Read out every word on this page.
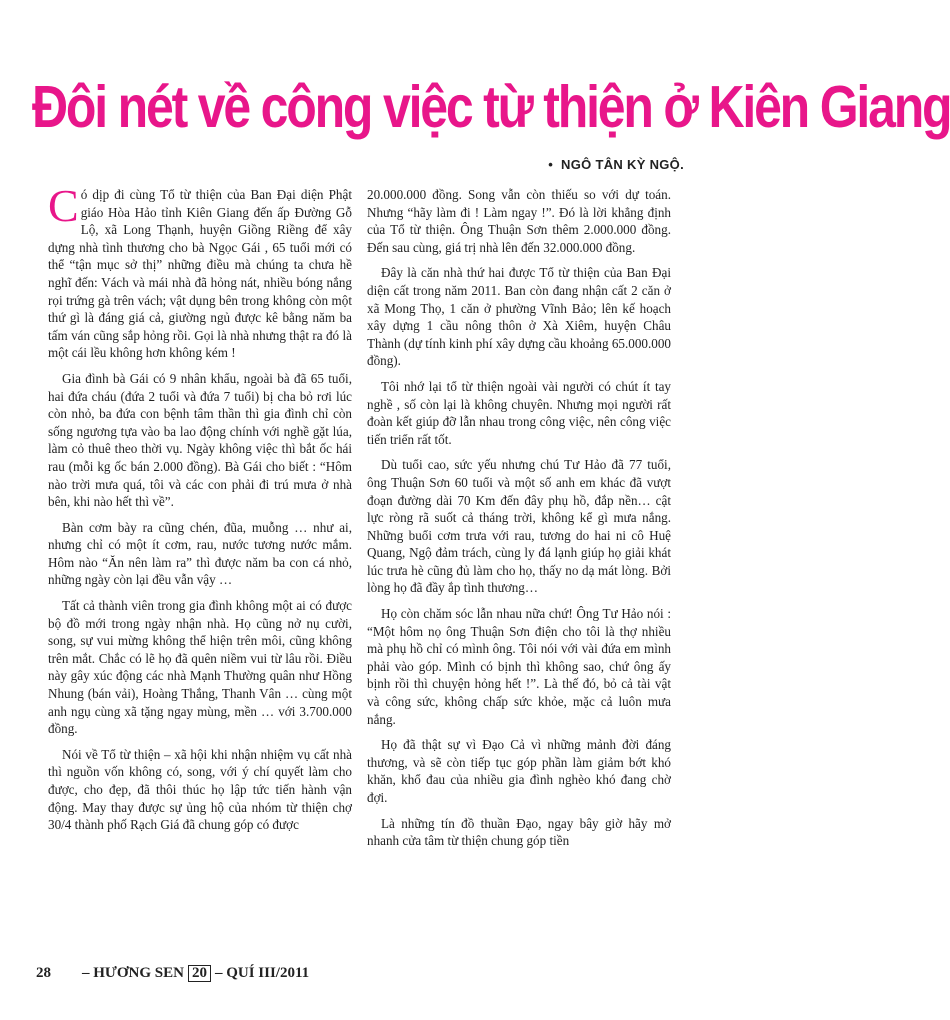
Đôi nét về công việc từ thiện ở Kiên Giang
• NGÔ TÂN KỲ NGỘ.

Có dịp đi cùng Tổ từ thiện của Ban Đại diện Phật giáo Hòa Hảo tỉnh Kiên Giang đến ấp Đường Gỗ Lộ, xã Long Thạnh, huyện Giồng Riềng để xây dựng nhà tình thương cho bà Ngọc Gái , 65 tuổi mới có thể “tận mục sở thị” những điều mà chúng ta chưa hề nghĩ đến: Vách và mái nhà đã hỏng nát, nhiều bóng nắng rọi trứng gà trên vách; vật dụng bên trong không còn một thứ gì là đáng giá cả, giường ngủ được kê bằng năm ba tấm ván cũng sắp hỏng rồi. Gọi là nhà nhưng thật ra đó là một cái lều không hơn không kém !

Gia đình bà Gái có 9 nhân khẩu, ngoài bà đã 65 tuổi, hai đứa cháu (đứa 2 tuổi và đứa 7 tuổi) bị cha bỏ rơi lúc còn nhỏ, ba đứa con bệnh tâm thần thì gia đình chỉ còn sống ngương tựa vào ba lao động chính với nghề gặt lúa, làm cỏ thuê theo thời vụ. Ngày không việc thì bắt ốc hái rau (mỗi kg ốc bán 2.000 đồng). Bà Gái cho biết : “Hôm nào trời mưa quá, tôi và các con phải đi trú mưa ở nhà bên, khi nào hết thì về”.

Bàn cơm bày ra cũng chén, đũa, muỗng … như ai, nhưng chỉ có một ít cơm, rau, nước tương nước mắm. Hôm nào “Ăn nên làm ra” thì được năm ba con cá nhỏ, những ngày còn lại đều vẫn vậy …

Tất cả thành viên trong gia đình không một ai có được bộ đồ mới trong ngày nhận nhà. Họ cũng nở nụ cười, song, sự vui mừng không thể hiện trên môi, cũng không trên mắt. Chắc có lẽ họ đã quên niềm vui từ lâu rồi. Điều này gây xúc động các nhà Mạnh Thường quân như Hồng Nhung (bán vải), Hoàng Thắng, Thanh Vân … cùng một anh ngụ cùng xã tặng ngay mùng, mền … với 3.700.000 đồng.

Nói về Tổ từ thiện – xã hội khi nhận nhiệm vụ cất nhà thì nguồn vốn không có, song, với ý chí quyết làm cho được, cho đẹp, đã thôi thúc họ lập tức tiến hành vận động. May thay được sự ủng hộ của nhóm từ thiện chợ 30/4 thành phố Rạch Giá đã chung góp có được

20.000.000 đồng. Song vẫn còn thiếu so với dự toán. Nhưng “hãy làm đi ! Làm ngay !”. Đó là lời khẳng định của Tổ từ thiện. Ông Thuận Sơn thêm 2.000.000 đồng. Đến sau cùng, giá trị nhà lên đến 32.000.000 đồng.

Đây là căn nhà thứ hai được Tổ từ thiện của Ban Đại diện cất trong năm 2011. Ban còn đang nhận cất 2 căn ở xã Mong Thọ, 1 căn ở phường Vĩnh Bảo; lên kế hoạch xây dựng 1 cầu nông thôn ở Xà Xiêm, huyện Châu Thành (dự tính kinh phí xây dựng cầu khoảng 65.000.000 đồng).

Tôi nhớ lại tổ từ thiện ngoài vài người có chút ít tay nghề , số còn lại là không chuyên. Nhưng mọi người rất đoàn kết giúp đỡ lẫn nhau trong công việc, nên công việc tiến triển rất tốt.

Dù tuổi cao, sức yếu nhưng chú Tư Hảo đã 77 tuổi, ông Thuận Sơn 60 tuổi và một số anh em khác đã vượt đoạn đường dài 70 Km đến đây phụ hồ, đắp nền… cật lực ròng rã suốt cả tháng trời, không kể gì mưa nắng. Những buổi cơm trưa với rau, tương do hai ni cô Huệ Quang, Ngộ đảm trách, cùng ly đá lạnh giúp họ giải khát lúc trưa hè cũng đủ làm cho họ, thấy no dạ mát lòng. Bởi lòng họ đã đầy ắp tình thương…

Họ còn chăm sóc lẫn nhau nữa chứ! Ông Tư Hảo nói : “Một hôm nọ ông Thuận Sơn điện cho tôi là thợ nhiều mà phụ hồ chỉ có mình ông. Tôi nói với vài đứa em mình phải vào góp. Mình có bịnh thì không sao, chứ ông ấy bịnh rồi thì chuyện hỏng hết !”. Là thế đó, bỏ cả tài vật và công sức, không chấp sức khỏe, mặc cả luôn mưa nắng.

Họ đã thật sự vì Đạo Cả vì những mảnh đời đáng thương, và sẽ còn tiếp tục góp phần làm giảm bớt khó khăn, khổ đau của nhiều gia đình nghèo khó đang chờ đợi.

Là những tín đồ thuần Đạo, ngay bây giờ hãy mở nhanh cửa tâm từ thiện chung góp tiền

28 – HƯƠNG SEN 20 – QUÍ III/2011
